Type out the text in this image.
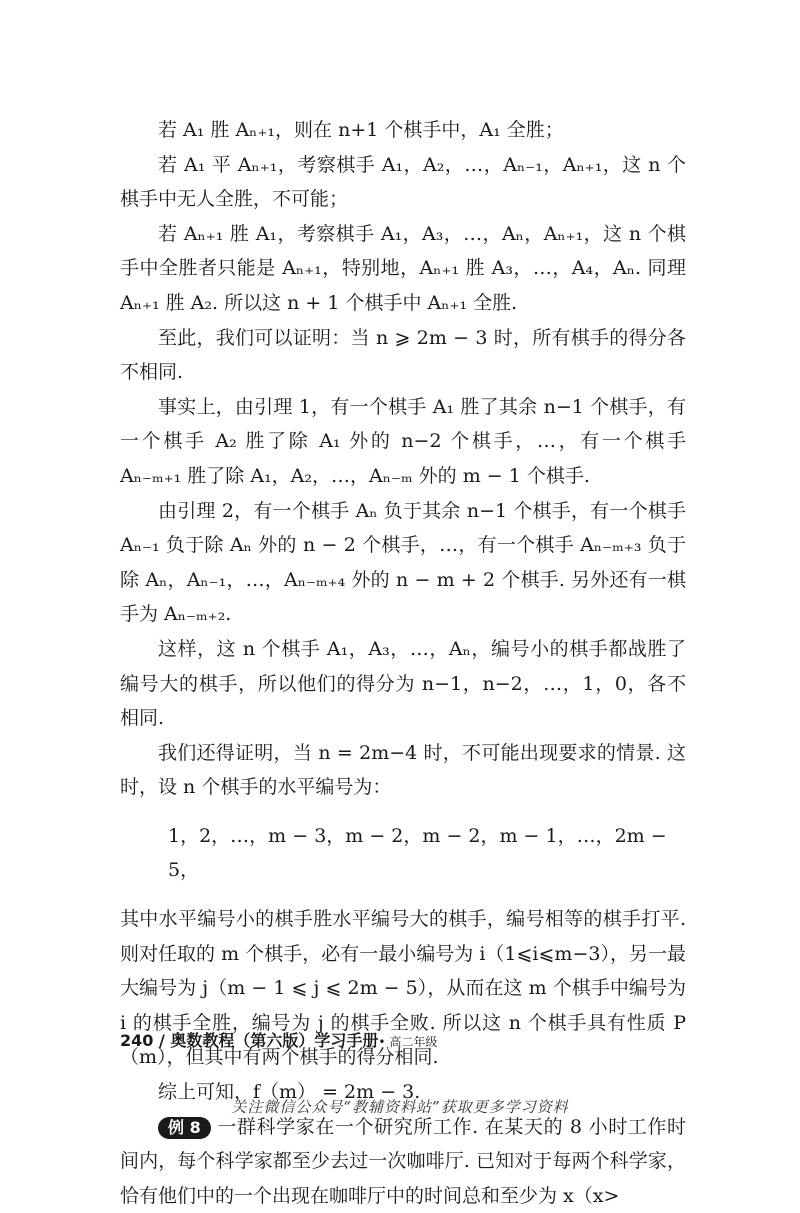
若 A₁ 胜 Aₙ₊₁，则在 n+1 个棋手中，A₁ 全胜；

若 A₁ 平 Aₙ₊₁，考察棋手 A₁，A₂，…，Aₙ₋₁，Aₙ₊₁，这 n 个棋手中无人全胜，不可能；

若 Aₙ₊₁ 胜 A₁，考察棋手 A₁，A₃，…，Aₙ，Aₙ₊₁，这 n 个棋手中全胜者只能是 Aₙ₊₁，特别地，Aₙ₊₁ 胜 A₃，…，A₄，Aₙ. 同理 Aₙ₊₁ 胜 A₂. 所以这 n + 1 个棋手中 Aₙ₊₁ 全胜.

至此，我们可以证明：当 n ⩾ 2m − 3 时，所有棋手的得分各不相同.

事实上，由引理 1，有一个棋手 A₁ 胜了其余 n−1 个棋手，有一个棋手 A₂ 胜了除 A₁ 外的 n−2 个棋手，…，有一个棋手 Aₙ₋ₘ₊₁ 胜了除 A₁，A₂，…，Aₙ₋ₘ 外的 m − 1 个棋手.

由引理 2，有一个棋手 Aₙ 负于其余 n−1 个棋手，有一个棋手 Aₙ₋₁ 负于除 Aₙ 外的 n − 2 个棋手，…，有一个棋手 Aₙ₋ₘ₊₃ 负于除 Aₙ，Aₙ₋₁，…，Aₙ₋ₘ₊₄ 外的 n − m + 2 个棋手. 另外还有一棋手为 Aₙ₋ₘ₊₂.

这样，这 n 个棋手 A₁，A₃，…，Aₙ，编号小的棋手都战胜了编号大的棋手，所以他们的得分为 n−1，n−2，…，1，0，各不相同.

我们还得证明，当 n = 2m−4 时，不可能出现要求的情景. 这时，设 n 个棋手的水平编号为：

1，2，…，m − 3，m − 2，m − 2，m − 1，…，2m − 5，

其中水平编号小的棋手胜水平编号大的棋手，编号相等的棋手打平. 则对任取的 m 个棋手，必有一最小编号为 i（1⩽i⩽m−3），另一最大编号为 j（m − 1 ⩽ j ⩽ 2m − 5），从而在这 m 个棋手中编号为 i 的棋手全胜，编号为 j 的棋手全败. 所以这 n 个棋手具有性质 P（m），但其中有两个棋手的得分相同.

综上可知，f（m） = 2m − 3.

例 8 一群科学家在一个研究所工作. 在某天的 8 小时工作时间内，每个科学家都至少去过一次咖啡厅. 已知对于每两个科学家，恰有他们中的一个出现在咖啡厅中的时间总和至少为 x（x>

240 / 奥数教程（第六版）学习手册• 高二年级
关注微信公众号“教辅资料站”获取更多学习资料
